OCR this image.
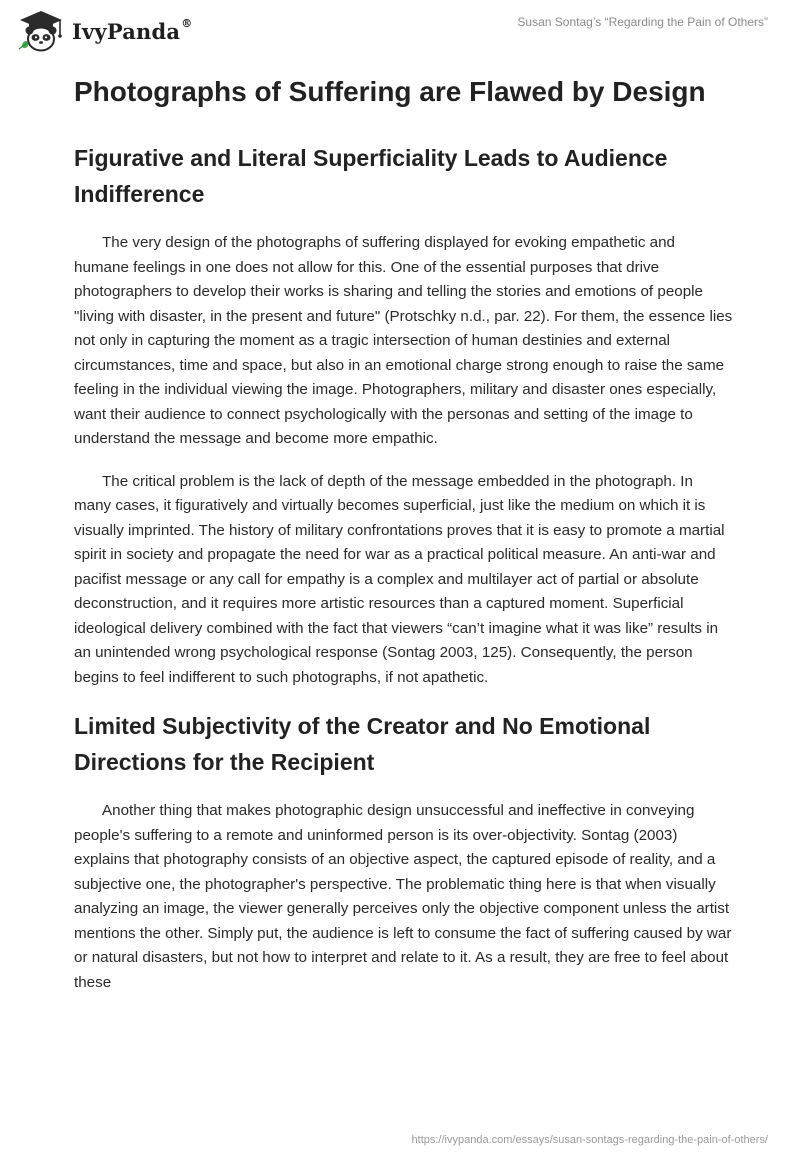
IvyPanda®	Susan Sontag’s “Regarding the Pain of Others”
Photographs of Suffering are Flawed by Design
Figurative and Literal Superficiality Leads to Audience Indifference

The very design of the photographs of suffering displayed for evoking empathetic and humane feelings in one does not allow for this. One of the essential purposes that drive photographers to develop their works is sharing and telling the stories and emotions of people "living with disaster, in the present and future" (Protschky n.d., par. 22). For them, the essence lies not only in capturing the moment as a tragic intersection of human destinies and external circumstances, time and space, but also in an emotional charge strong enough to raise the same feeling in the individual viewing the image. Photographers, military and disaster ones especially, want their audience to connect psychologically with the personas and setting of the image to understand the message and become more empathic.

The critical problem is the lack of depth of the message embedded in the photograph. In many cases, it figuratively and virtually becomes superficial, just like the medium on which it is visually imprinted. The history of military confrontations proves that it is easy to promote a martial spirit in society and propagate the need for war as a practical political measure. An anti-war and pacifist message or any call for empathy is a complex and multilayer act of partial or absolute deconstruction, and it requires more artistic resources than a captured moment. Superficial ideological delivery combined with the fact that viewers “can’t imagine what it was like” results in an unintended wrong psychological response (Sontag 2003, 125). Consequently, the person begins to feel indifferent to such photographs, if not apathetic.

Limited Subjectivity of the Creator and No Emotional Directions for the Recipient

Another thing that makes photographic design unsuccessful and ineffective in conveying people's suffering to a remote and uninformed person is its over-objectivity. Sontag (2003) explains that photography consists of an objective aspect, the captured episode of reality, and a subjective one, the photographer's perspective. The problematic thing here is that when visually analyzing an image, the viewer generally perceives only the objective component unless the artist mentions the other. Simply put, the audience is left to consume the fact of suffering caused by war or natural disasters, but not how to interpret and relate to it. As a result, they are free to feel about these

https://ivypanda.com/essays/susan-sontags-regarding-the-pain-of-others/
